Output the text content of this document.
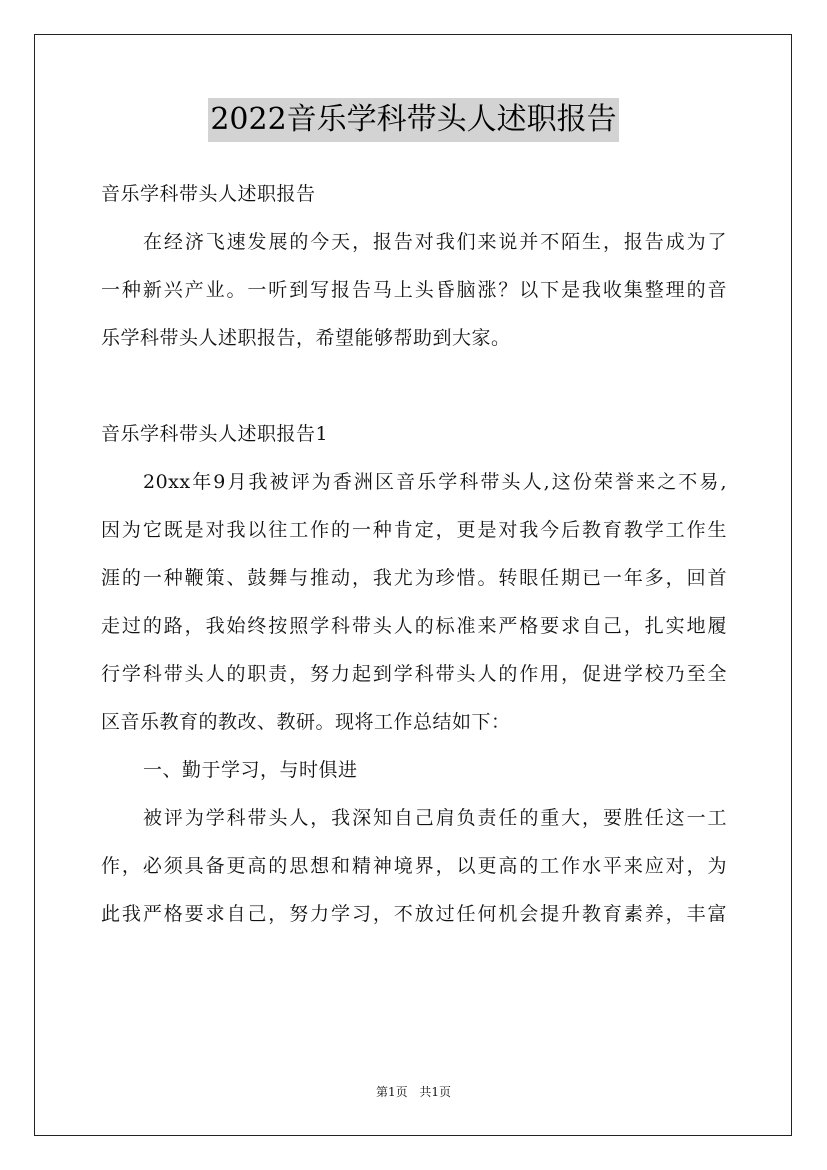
2022音乐学科带头人述职报告
音乐学科带头人述职报告
在经济飞速发展的今天，报告对我们来说并不陌生，报告成为了
一种新兴产业。一听到写报告马上头昏脑涨？以下是我收集整理的音
乐学科带头人述职报告，希望能够帮助到大家。
音乐学科带头人述职报告1
20xx年9月我被评为香洲区音乐学科带头人,这份荣誉来之不易,
因为它既是对我以往工作的一种肯定，更是对我今后教育教学工作生
涯的一种鞭策、鼓舞与推动，我尤为珍惜。转眼任期已一年多，回首
走过的路，我始终按照学科带头人的标准来严格要求自己，扎实地履
行学科带头人的职责，努力起到学科带头人的作用，促进学校乃至全
区音乐教育的教改、教研。现将工作总结如下：
一、勤于学习，与时俱进
被评为学科带头人，我深知自己肩负责任的重大，要胜任这一工
作，必须具备更高的思想和精神境界，以更高的工作水平来应对，为
此我严格要求自己，努力学习，不放过任何机会提升教育素养，丰富
第1页 共1页
